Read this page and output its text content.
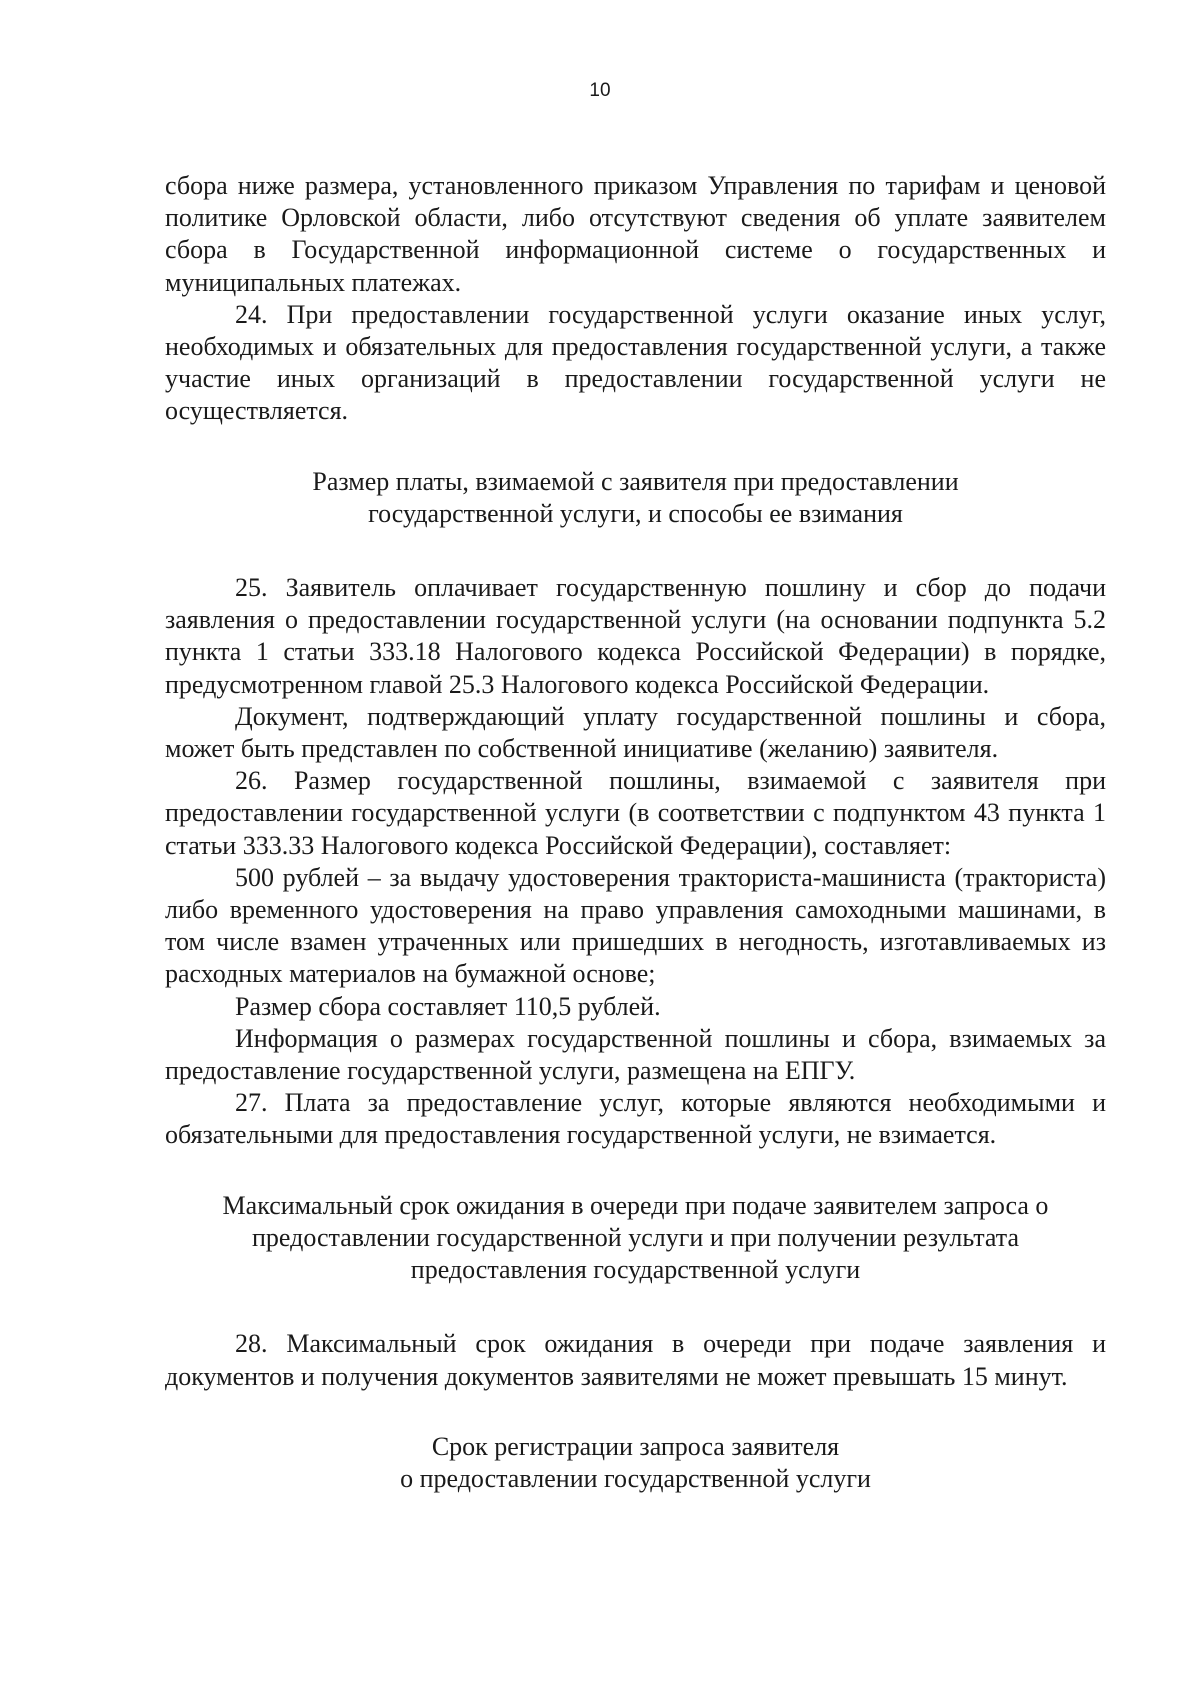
10

сбора ниже размера, установленного приказом Управления по тарифам и ценовой политике Орловской области, либо отсутствуют сведения об уплате заявителем сбора в Государственной информационной системе о государственных и муниципальных платежах.

24. При предоставлении государственной услуги оказание иных услуг, необходимых и обязательных для предоставления государственной услуги, а также участие иных организаций в предоставлении государственной услуги не осуществляется.

Размер платы, взимаемой с заявителя при предоставлении
государственной услуги, и способы ее взимания

25. Заявитель оплачивает государственную пошлину и сбор до подачи заявления о предоставлении государственной услуги (на основании подпункта 5.2 пункта 1 статьи 333.18 Налогового кодекса Российской Федерации) в порядке, предусмотренном главой 25.3 Налогового кодекса Российской Федерации.

Документ, подтверждающий уплату государственной пошлины и сбора, может быть представлен по собственной инициативе (желанию) заявителя.

26. Размер государственной пошлины, взимаемой с заявителя при предоставлении государственной услуги (в соответствии с подпунктом 43 пункта 1 статьи 333.33 Налогового кодекса Российской Федерации), составляет:

500 рублей – за выдачу удостоверения тракториста-машиниста (тракториста) либо временного удостоверения на право управления самоходными машинами, в том числе взамен утраченных или пришедших в негодность, изготавливаемых из расходных материалов на бумажной основе;

Размер сбора составляет 110,5 рублей.

Информация о размерах государственной пошлины и сбора, взимаемых за предоставление государственной услуги, размещена на ЕПГУ.

27. Плата за предоставление услуг, которые являются необходимыми и обязательными для предоставления государственной услуги, не взимается.

Максимальный срок ожидания в очереди при подаче заявителем запроса о
предоставлении государственной услуги и при получении результата
предоставления государственной услуги

28. Максимальный срок ожидания в очереди при подаче заявления и документов и получения документов заявителями не может превышать 15 минут.

Срок регистрации запроса заявителя
о предоставлении государственной услуги
